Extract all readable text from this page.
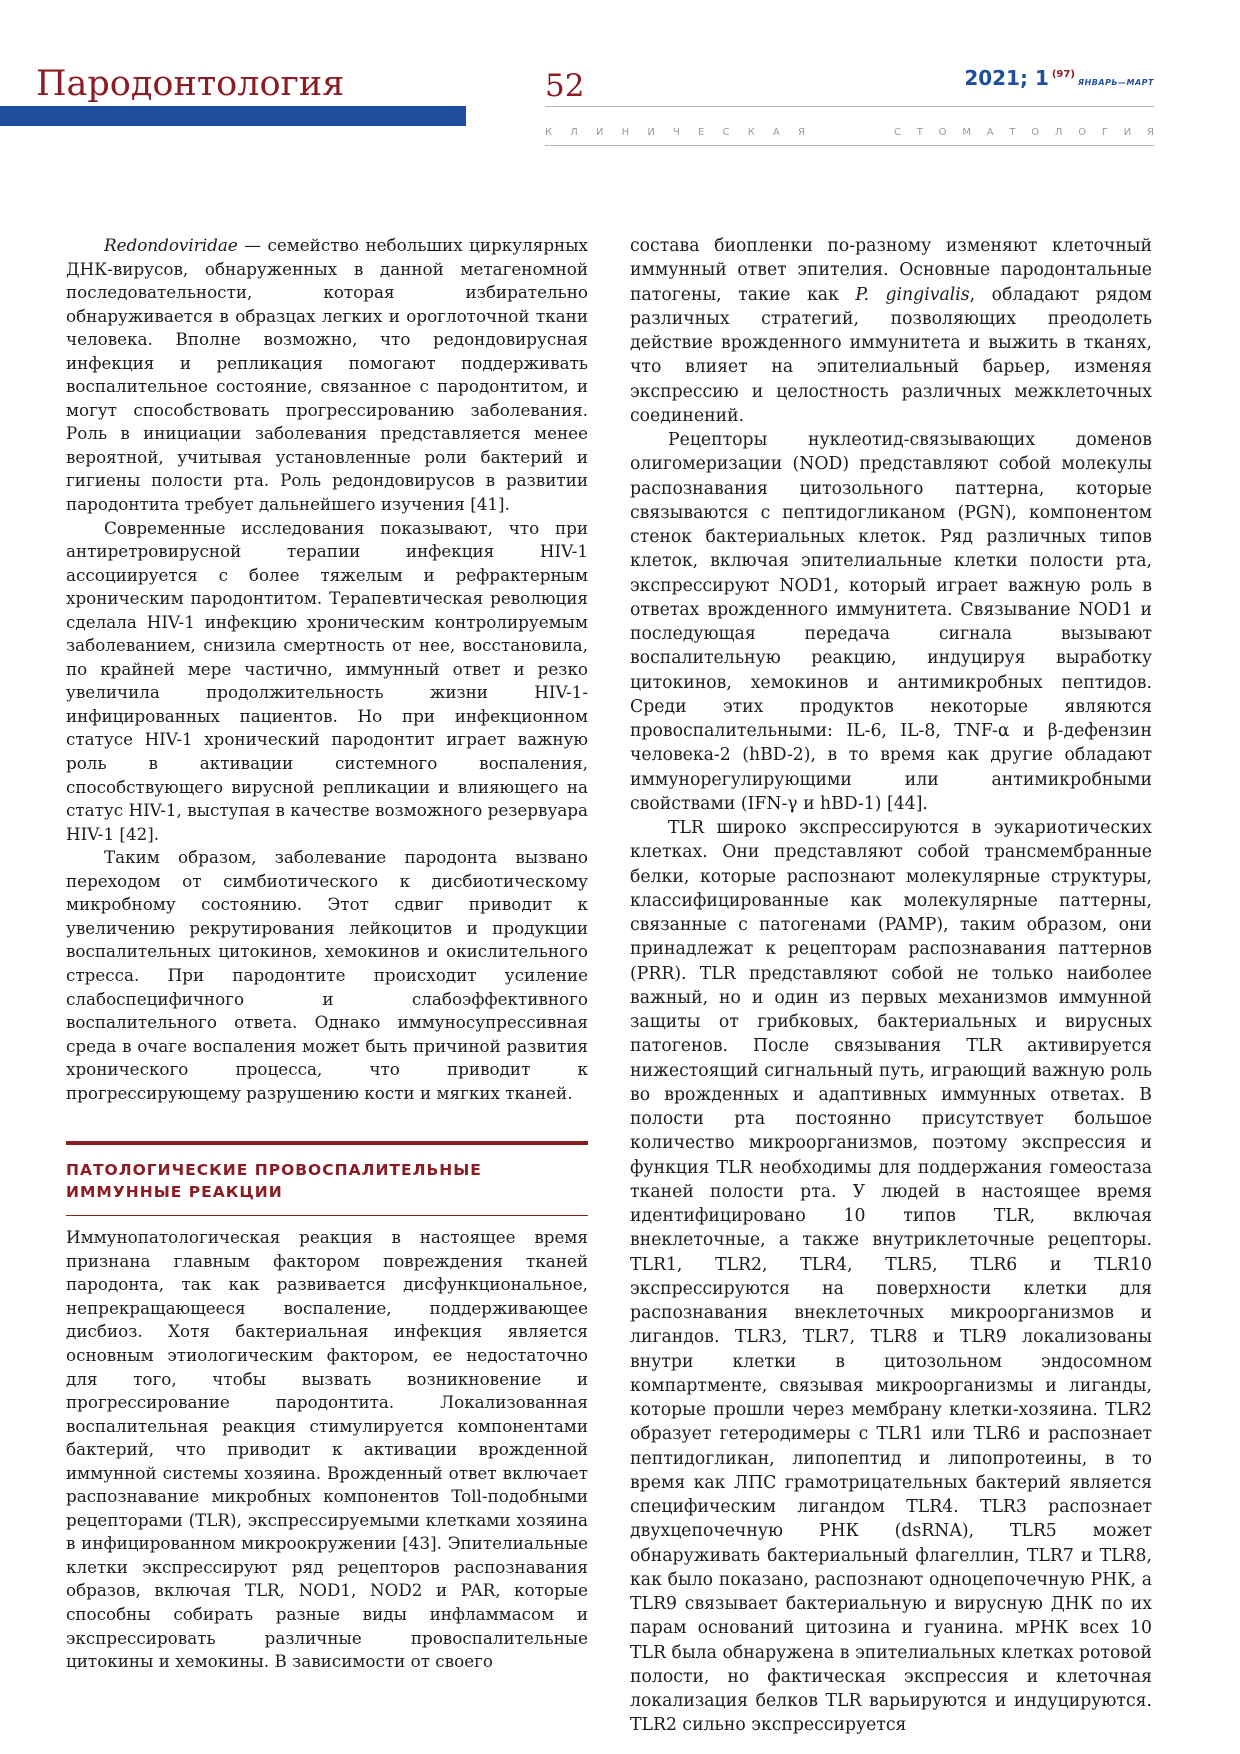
Пародонтология	52	2021; 1 $^{(97)}$ЯНВАРЬ—МАРТ
К Л И Н И Ч Е С К А Я	С Т О М А Т О Л О Г И Я

Redondoviridae — семейство небольших циркулярных ДНК-вирусов, обнаруженных в данной метагеномной последовательности, которая избирательно обнаруживается в образцах легких и орoглоточной ткани человека. Вполне возможно, что редондовирусная инфекция и репликация помогают поддерживать воспалительное состояние, связанное с пародонтитом, и могут способствовать прогрессированию заболевания. Роль в инициации заболевания представляется менее вероятной, учитывая установленные роли бактерий и гигиены полости рта. Роль редондовирусов в развитии пародонтита требует дальнейшего изучения [41].

Современные исследования показывают, что при антиретровирусной терапии инфекция HIV-1 ассоциируется с более тяжелым и рефрактерным хроническим пародонтитом. Терапевтическая революция сделала HIV-1 инфекцию хроническим контролируемым заболеванием, снизила смертность от нее, восстановила, по крайней мере частично, иммунный ответ и резко увеличила продолжительность жизни HIV-1-инфицированных пациентов. Но при инфекционном статусе HIV-1 хронический пародонтит играет важную роль в активации системного воспаления, способствующего вирусной репликации и влияющего на статус HIV-1, выступая в качестве возможного резервуара HIV-1 [42].

Таким образом, заболевание пародонта вызвано переходом от симбиотического к дисбиотическому микробному состоянию. Этот сдвиг приводит к увеличению рекрутирования лейкоцитов и продукции воспалительных цитокинов, хемокинов и окислительного стресса. При пародонтите происходит усиление слабоспецифичного и слабоэффективного воспалительного ответа. Однако иммуносупрессивная среда в очаге воспаления может быть причиной развития хронического процесса, что приводит к прогрессирующему разрушению кости и мягких тканей.

ПАТОЛОГИЧЕСКИЕ ПРОВОСПАЛИТЕЛЬНЫЕ
ИММУННЫЕ РЕАКЦИИ

Иммунопатологическая реакция в настоящее время признана главным фактором повреждения тканей пародонта, так как развивается дисфункциональное, непрекращающееся воспаление, поддерживающее дисбиоз. Хотя бактериальная инфекция является основным этиологическим фактором, ее недостаточно для того, чтобы вызвать возникновение и прогрессирование пародонтита. Локализованная воспалительная реакция стимулируется компонентами бактерий, что приводит к активации врожденной иммунной системы хозяина. Врожденный ответ включает распознавание микробных компонентов Toll-подобными рецепторами (TLR), экспрессируемыми клетками хозяина в инфицированном микроокружении [43]. Эпителиальные клетки экспрессируют ряд рецепторов распознавания образов, включая TLR, NOD1, NOD2 и PAR, которые способны собирать разные виды инфламмасом и экспрессировать различные провоспалительные цитокины и хемокины. В зависимости от своего

состава биопленки по-разному изменяют клеточный иммунный ответ эпителия. Основные пародонтальные патогены, такие как P. gingivalis, обладают рядом различных стратегий, позволяющих преодолеть действие врожденного иммунитета и выжить в тканях, что влияет на эпителиальный барьер, изменяя экспрессию и целостность различных межклеточных соединений.

Рецепторы нуклеотид-связывающих доменов олигомеризации (NOD) представляют собой молекулы распознавания цитозольного паттерна, которые связываются с пептидогликаном (PGN), компонентом стенок бактериальных клеток. Ряд различных типов клеток, включая эпителиальные клетки полости рта, экспрессируют NOD1, который играет важную роль в ответах врожденного иммунитета. Связывание NOD1 и последующая передача сигнала вызывают воспалительную реакцию, индуцируя выработку цитокинов, хемокинов и антимикробных пептидов. Среди этих продуктов некоторые являются провоспалительными: IL-6, IL-8, TNF-α и β-дефензин человека-2 (hBD-2), в то время как другие обладают иммунорегулирующими или антимикробными свойствами (IFN-γ и hBD-1) [44].

TLR широко экспрессируются в эукариотических клетках. Они представляют собой трансмембранные белки, которые распознают молекулярные структуры, классифицированные как молекулярные паттерны, связанные с патогенами (PAMP), таким образом, они принадлежат к рецепторам распознавания паттернов (PRR). TLR представляют собой не только наиболее важный, но и один из первых механизмов иммунной защиты от грибковых, бактериальных и вирусных патогенов. После связывания TLR активируется нижестоящий сигнальный путь, играющий важную роль во врожденных и адаптивных иммунных ответах. В полости рта постоянно присутствует большое количество микроорганизмов, поэтому экспрессия и функция TLR необходимы для поддержания гомеостаза тканей полости рта. У людей в настоящее время идентифицировано 10 типов TLR, включая внеклеточные, а также внутриклеточные рецепторы. TLR1, TLR2, TLR4, TLR5, TLR6 и TLR10 экспрессируются на поверхности клетки для распознавания внеклеточных микроорганизмов и лигандов. TLR3, TLR7, TLR8 и TLR9 локализованы внутри клетки в цитозольном эндосомном компартменте, связывая микроорганизмы и лиганды, которые прошли через мембрану клетки-хозяина. TLR2 образует гетеродимеры с TLR1 или TLR6 и распознает пептидогликан, липопептид и липопротеины, в то время как ЛПС грамотрицательных бактерий является специфическим лигандом TLR4. TLR3 распознает двухцепочечную РНК (dsRNA), TLR5 может обнаруживать бактериальный флагеллин, TLR7 и TLR8, как было показано, распознают одноцепочечную РНК, а TLR9 связывает бактериальную и вирусную ДНК по их парам оснований цитозина и гуанина. мРНК всех 10 TLR была обнаружена в эпителиальных клетках ротовой полости, но фактическая экспрессия и клеточная локализация белков TLR варьируются и индуцируются. TLR2 сильно экспрессируется
